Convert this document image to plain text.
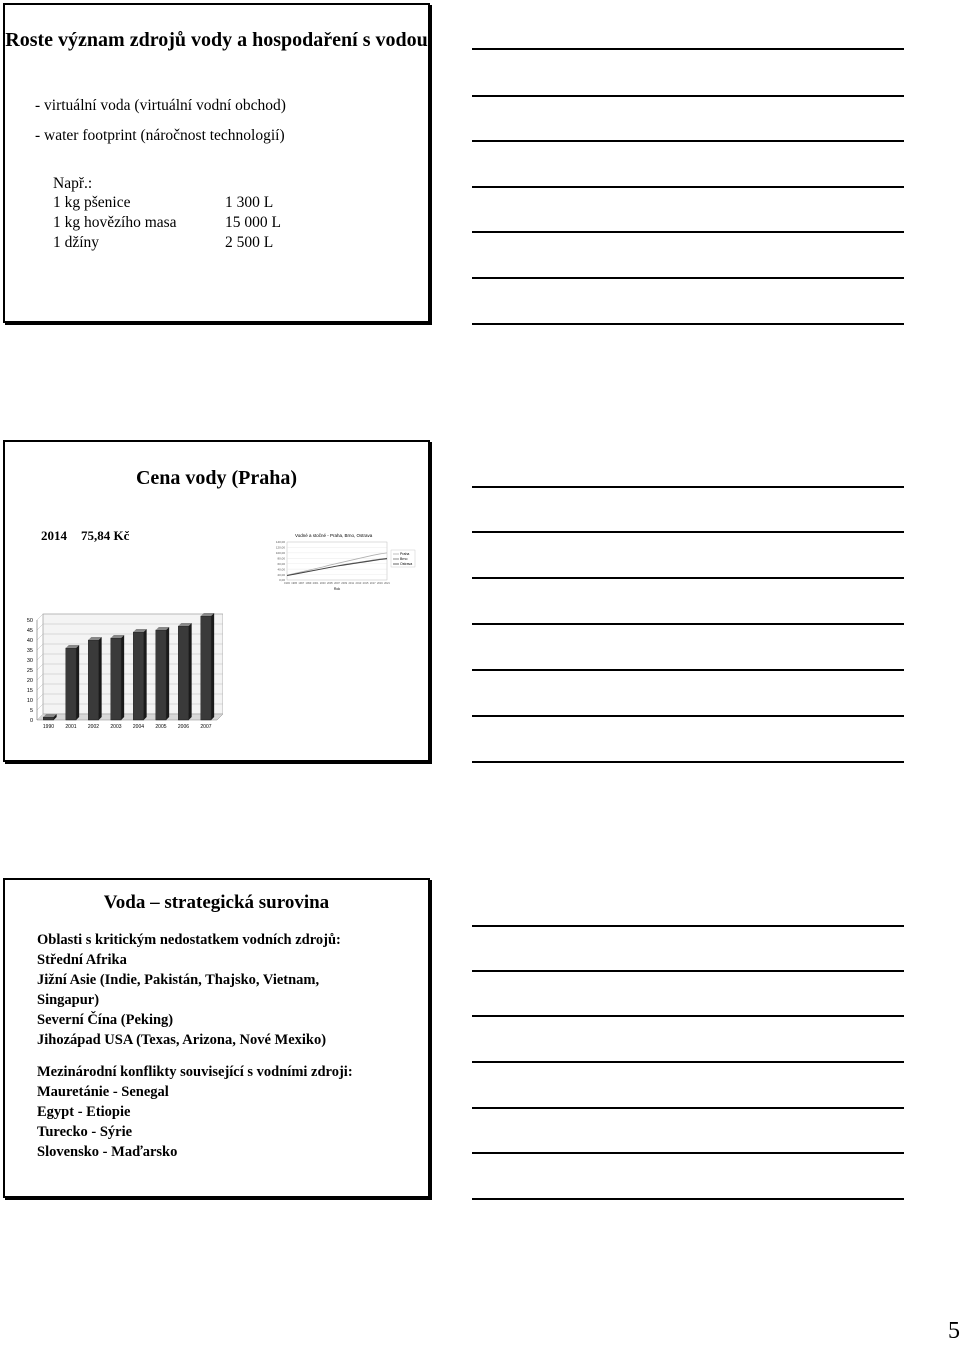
Roste význam zdrojů vody a hospodaření s vodou
- virtuální voda (virtuální vodní obchod)
- water footprint (náročnost technologií)
Např.:
1 kg pšenice	1 300 L
1 kg hovězího masa	15 000 L
1 džíny	2 500 L
Cena vody (Praha)
2014 75,84 Kč	Vodné a stočné - Praha, Brno, Ostrava
0,00
20,00
40,00
60,00
80,00
100,00
120,00
140,00
1993 1995 1997 1999 2001 2003 2005 2007 2009 2011 2013 2015 2017 2019 2021
Rok
Praha
Brno
Ostrava
0
5
10
15
20
25
30
35
40
45
50
1990 2001 2002 2003 2004 2005 2006 2007
Voda – strategická surovina
Oblasti s kritickým nedostatkem vodních zdrojů:
Střední Afrika
Jižní Asie (Indie, Pakistán, Thajsko, Vietnam,
Singapur)
Severní Čína (Peking)
Jihozápad USA (Texas, Arizona, Nové Mexiko)
Mezinárodní konflikty související s vodními zdroji:
Mauretánie - Senegal
Egypt - Etiopie
Turecko - Sýrie
Slovensko - Maďarsko
5
